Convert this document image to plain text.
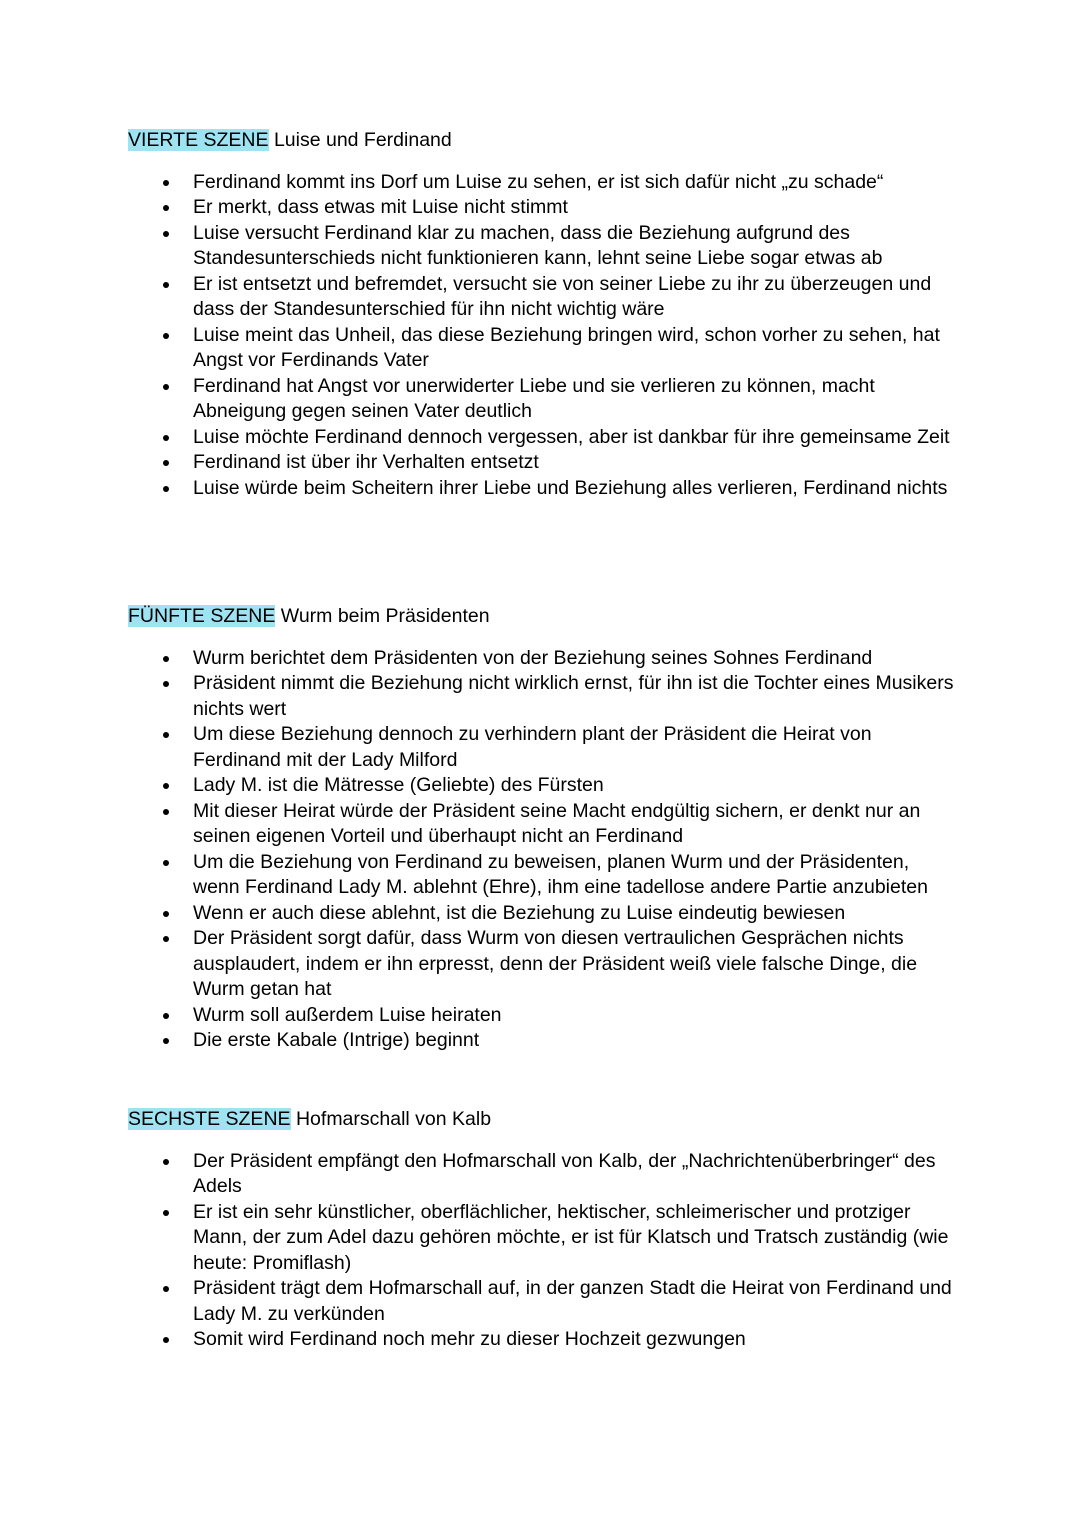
VIERTE SZENE Luise und Ferdinand

Ferdinand kommt ins Dorf um Luise zu sehen, er ist sich dafür nicht „zu schade“
Er merkt, dass etwas mit Luise nicht stimmt
Luise versucht Ferdinand klar zu machen, dass die Beziehung aufgrund des Standesunterschieds nicht funktionieren kann, lehnt seine Liebe sogar etwas ab
Er ist entsetzt und befremdet, versucht sie von seiner Liebe zu ihr zu überzeugen und dass der Standesunterschied für ihn nicht wichtig wäre
Luise meint das Unheil, das diese Beziehung bringen wird, schon vorher zu sehen, hat Angst vor Ferdinands Vater
Ferdinand hat Angst vor unerwiderter Liebe und sie verlieren zu können, macht Abneigung gegen seinen Vater deutlich
Luise möchte Ferdinand dennoch vergessen, aber ist dankbar für ihre gemeinsame Zeit
Ferdinand ist über ihr Verhalten entsetzt
Luise würde beim Scheitern ihrer Liebe und Beziehung alles verlieren, Ferdinand nichts

FÜNFTE SZENE Wurm beim Präsidenten

Wurm berichtet dem Präsidenten von der Beziehung seines Sohnes Ferdinand
Präsident nimmt die Beziehung nicht wirklich ernst, für ihn ist die Tochter eines Musikers nichts wert
Um diese Beziehung dennoch zu verhindern plant der Präsident die Heirat von Ferdinand mit der Lady Milford
Lady M. ist die Mätresse (Geliebte) des Fürsten
Mit dieser Heirat würde der Präsident seine Macht endgültig sichern, er denkt nur an seinen eigenen Vorteil und überhaupt nicht an Ferdinand
Um die Beziehung von Ferdinand zu beweisen, planen Wurm und der Präsidenten, wenn Ferdinand Lady M. ablehnt (Ehre), ihm eine tadellose andere Partie anzubieten
Wenn er auch diese ablehnt, ist die Beziehung zu Luise eindeutig bewiesen
Der Präsident sorgt dafür, dass Wurm von diesen vertraulichen Gesprächen nichts ausplaudert, indem er ihn erpresst, denn der Präsident weiß viele falsche Dinge, die Wurm getan hat
Wurm soll außerdem Luise heiraten
Die erste Kabale (Intrige) beginnt

SECHSTE SZENE Hofmarschall von Kalb

Der Präsident empfängt den Hofmarschall von Kalb, der „Nachrichtenüberbringer“ des Adels
Er ist ein sehr künstlicher, oberflächlicher, hektischer, schleimerischer und protziger Mann, der zum Adel dazu gehören möchte, er ist für Klatsch und Tratsch zuständig (wie heute: Promiflash)
Präsident trägt dem Hofmarschall auf, in der ganzen Stadt die Heirat von Ferdinand und Lady M. zu verkünden
Somit wird Ferdinand noch mehr zu dieser Hochzeit gezwungen
